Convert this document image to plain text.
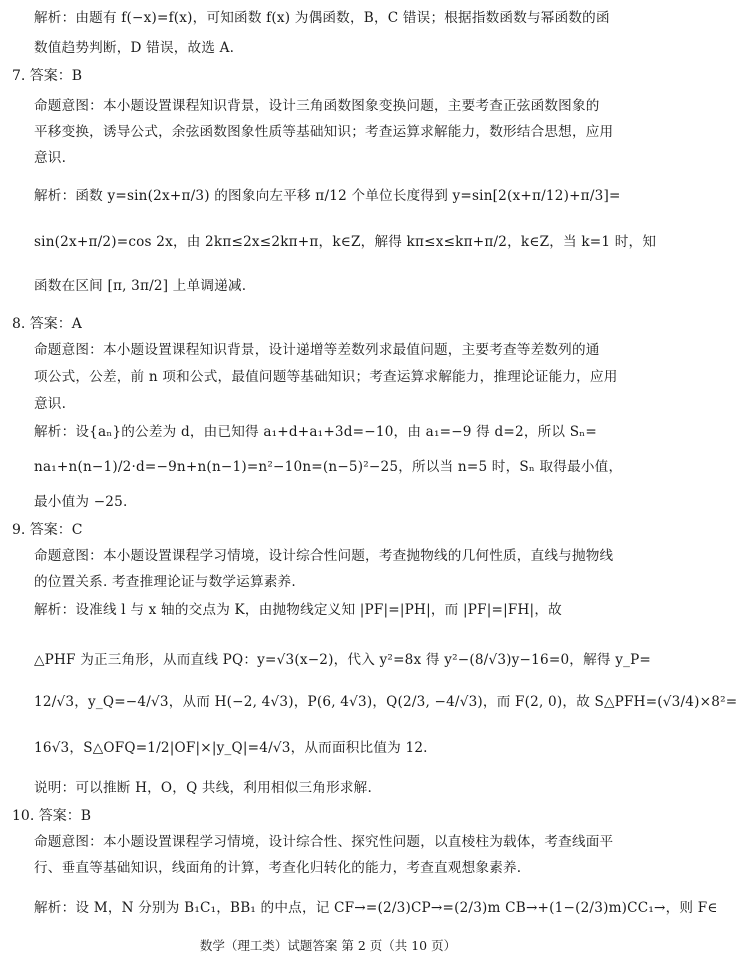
解析：由题有 f(−x)=f(x)，可知函数 f(x) 为偶函数，B，C 错误；根据指数函数与幂函数的函
数值趋势判断，D 错误，故选 A.
7. 答案：B
命题意图：本小题设置课程知识背景，设计三角函数图象变换问题，主要考查正弦函数图象的
平移变换，诱导公式，余弦函数图象性质等基础知识；考查运算求解能力，数形结合思想，应用
意识.
解析：函数 y=sin(2x+π/3) 的图象向左平移 π/12 个单位长度得到 y=sin[2(x+π/12)+π/3]=
sin(2x+π/2)=cos 2x，由 2kπ≤2x≤2kπ+π，k∈Z，解得 kπ≤x≤kπ+π/2，k∈Z，当 k=1 时，知
函数在区间 [π, 3π/2] 上单调递减.
8. 答案：A
命题意图：本小题设置课程知识背景，设计递增等差数列求最值问题，主要考查等差数列的通
项公式，公差，前 n 项和公式，最值问题等基础知识；考查运算求解能力，推理论证能力，应用
意识.
解析：设{aₙ}的公差为 d，由已知得 a₁+d+a₁+3d=−10，由 a₁=−9 得 d=2，所以 Sₙ=
na₁+n(n−1)/2·d=−9n+n(n−1)=n²−10n=(n−5)²−25，所以当 n=5 时，Sₙ 取得最小值，
最小值为 −25.
9. 答案：C
命题意图：本小题设置课程学习情境，设计综合性问题，考查抛物线的几何性质，直线与抛物线
的位置关系. 考查推理论证与数学运算素养.
解析：设准线 l 与 x 轴的交点为 K，由抛物线定义知 |PF|=|PH|，而 |PF|=|FH|，故
△PHF 为正三角形，从而直线 PQ：y=√3(x−2)，代入 y²=8x 得 y²−(8/√3)y−16=0，解得 y_P=
12/√3，y_Q=−4/√3，从而 H(−2, 4√3)，P(6, 4√3)，Q(2/3, −4/√3)，而 F(2, 0)，故 S△PFH=(√3/4)×8²=
16√3，S△OFQ=1/2|OF|×|y_Q|=4/√3，从而面积比值为 12.
说明：可以推断 H，O，Q 共线，利用相似三角形求解.
10. 答案：B
命题意图：本小题设置课程学习情境，设计综合性、探究性问题，以直棱柱为载体，考查线面平
行、垂直等基础知识，线面角的计算，考查化归转化的能力，考查直观想象素养.
解析：设 M，N 分别为 B₁C₁，BB₁ 的中点，记 CF→=(2/3)CP→=(2/3)m CB→+(1−(2/3)m)CC₁→，则 F∈
数学（理工类）试题答案 第 2 页（共 10 页）
